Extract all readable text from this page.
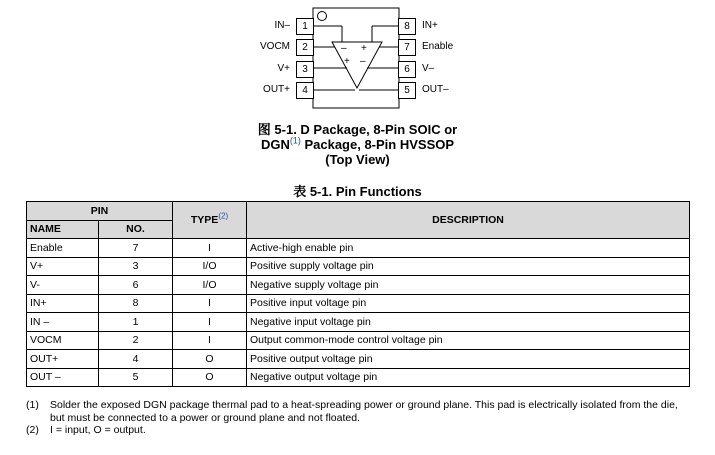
– +
+ –
IN–	1
VOCM	2
V+	3
OUT+	4
8	IN+
7	Enable
6	V–
5	OUT–
图 5-1. D Package, 8-Pin SOIC or
DGN$^{(1)}$ Package, 8-Pin HVSSOP
(Top View)
表 5-1. Pin Functions
PIN		TYPE$^{(2)}$	DESCRIPTION
NAME	NO.		
Enable	7	I	Active-high enable pin
V+	3	I/O	Positive supply voltage pin
V-	6	I/O	Negative supply voltage pin
IN+	8	I	Positive input voltage pin
IN –	1	I	Negative input voltage pin
VOCM	2	I	Output common-mode control voltage pin
OUT+	4	O	Positive output voltage pin
OUT –	5	O	Negative output voltage pin
(1)	Solder the exposed DGN package thermal pad to a heat-spreading power or ground plane. This pad is electrically isolated from the die, but must be connected to a power or ground plane and not floated.
(2)	I = input, O = output.
